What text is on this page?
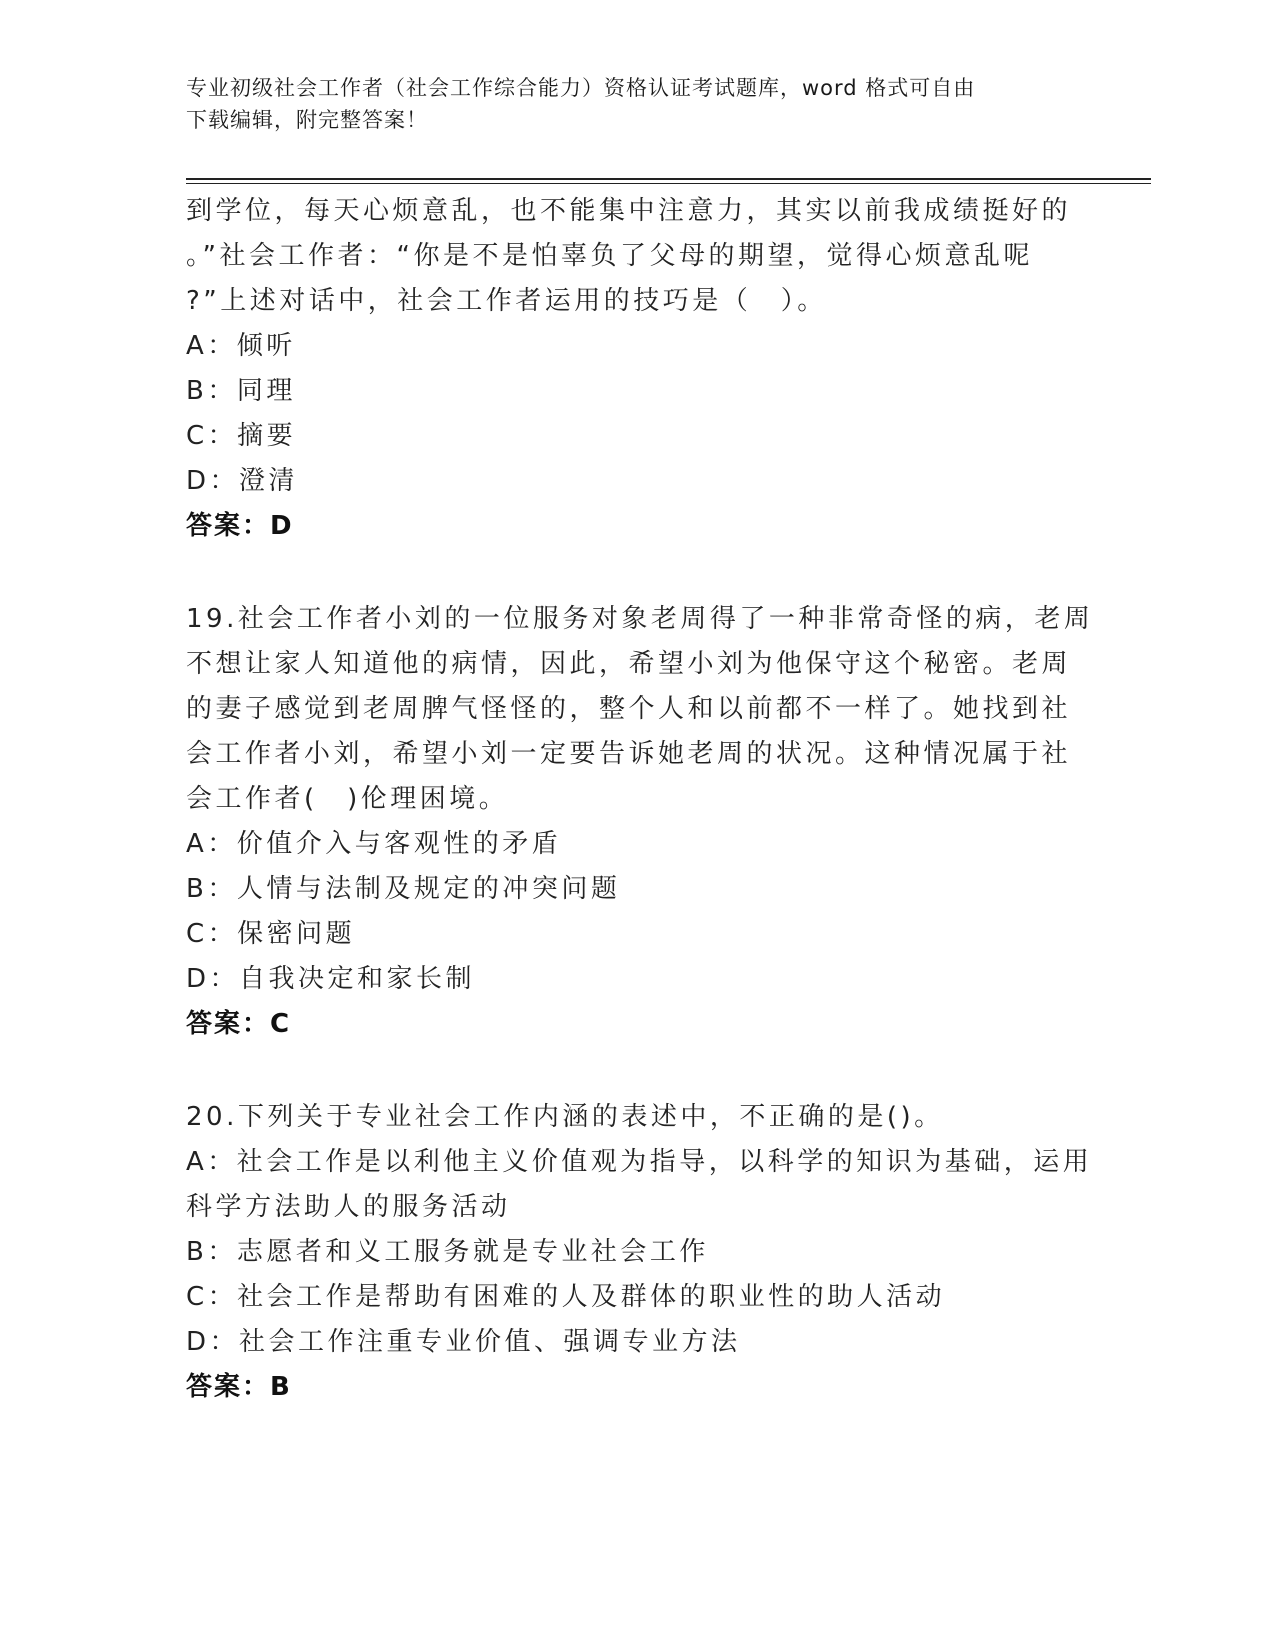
专业初级社会工作者（社会工作综合能力）资格认证考试题库，word 格式可自由
下载编辑，附完整答案！
到学位，每天心烦意乱，也不能集中注意力，其实以前我成绩挺好的
。”社会工作者：“你是不是怕辜负了父母的期望，觉得心烦意乱呢
?”上述对话中，社会工作者运用的技巧是（　）。
A：倾听
B：同理
C：摘要
D：澄清
答案：D
19.社会工作者小刘的一位服务对象老周得了一种非常奇怪的病，老周
不想让家人知道他的病情，因此，希望小刘为他保守这个秘密。老周
的妻子感觉到老周脾气怪怪的，整个人和以前都不一样了。她找到社
会工作者小刘，希望小刘一定要告诉她老周的状况。这种情况属于社
会工作者(　)伦理困境。
A：价值介入与客观性的矛盾
B：人情与法制及规定的冲突问题
C：保密问题
D：自我决定和家长制
答案：C
20.下列关于专业社会工作内涵的表述中，不正确的是()。
A：社会工作是以利他主义价值观为指导，以科学的知识为基础，运用
科学方法助人的服务活动
B：志愿者和义工服务就是专业社会工作
C：社会工作是帮助有困难的人及群体的职业性的助人活动
D：社会工作注重专业价值、强调专业方法
答案：B
